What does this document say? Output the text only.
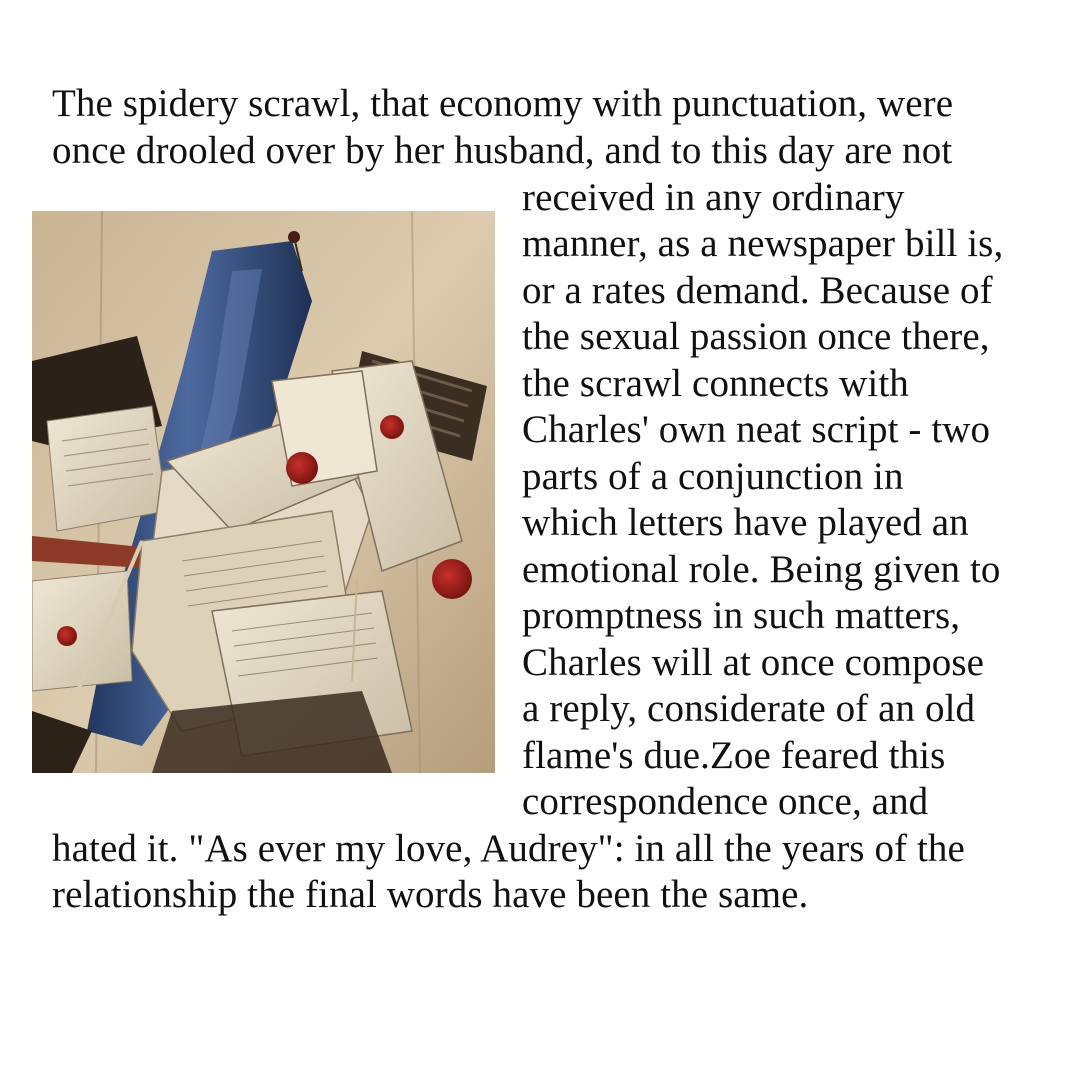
The spidery scrawl, that economy with punctuation, were
once drooled over by her husband, and to this day are not
received in any ordinary
manner, as a newspaper bill is,
or a rates demand. Because of
the sexual passion once there,
the scrawl connects with
Charles' own neat script - two
parts of a conjunction in
which letters have played an
emotional role. Being given to
promptness in such matters,
Charles will at once compose
a reply, considerate of an old
flame's due.Zoe feared this
correspondence once, and
hated it. "As ever my love, Audrey": in all the years of the
relationship the final words have been the same.
